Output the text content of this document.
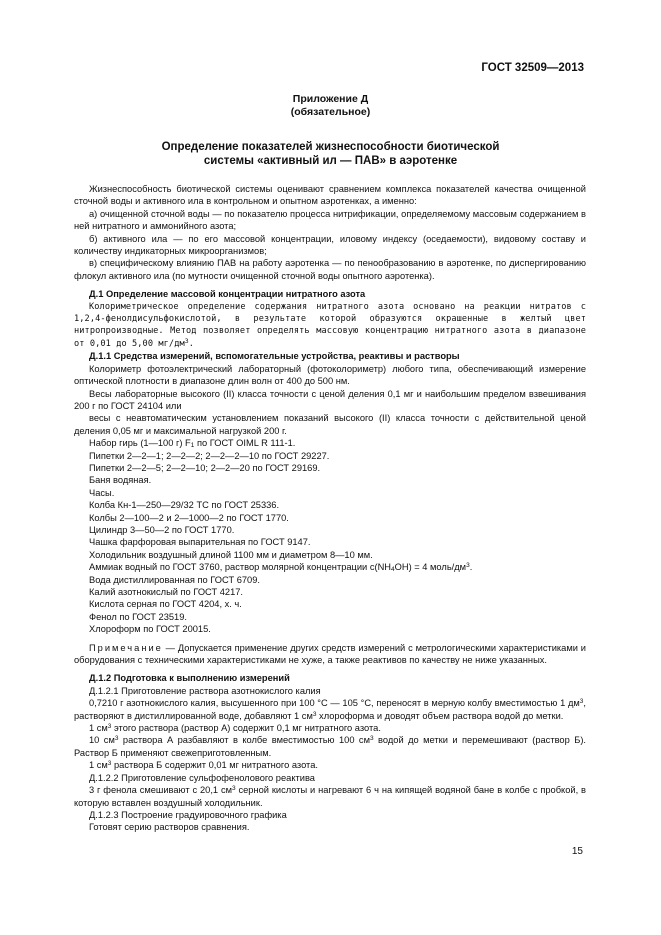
ГОСТ 32509—2013
Приложение Д
(обязательное)
Определение показателей жизнеспособности биотической
системы «активный ил — ПАВ» в аэротенке

Жизнеспособность биотической системы оценивают сравнением комплекса показателей качества очищенной сточной воды и активного ила в контрольном и опытном аэротенках, а именно:

а) очищенной сточной воды — по показателю процесса нитрификации, определяемому массовым содержанием в ней нитратного и аммонийного азота;

б) активного ила — по его массовой концентрации, иловому индексу (оседаемости), видовому составу и количеству индикаторных микроорганизмов;

в) специфическому влиянию ПАВ на работу аэротенка — по пенообразованию в аэротенке, по диспергированию флокул активного ила (по мутности очищенной сточной воды опытного аэротенка).

Д.1 Определение массовой концентрации нитратного азота

Колориметрическое определение содержания нитратного азота основано на реакции нитратов с 1,2,4-фенолдисульфокислотой, в результате которой образуются окрашенные в желтый цвет нитропроизводные. Метод позволяет определять массовую концентрацию нитратного азота в диапазоне от 0,01 до 5,00 $мг/дм^3$.

Д.1.1 Средства измерений, вспомогательные устройства, реактивы и растворы

Колориметр фотоэлектрический лабораторный (фотоколориметр) любого типа, обеспечивающий измерение оптической плотности в диапазоне длин волн от 400 до 500 нм.

Весы лабораторные высокого (II) класса точности с ценой деления 0,1 мг и наибольшим пределом взвешивания 200 г по ГОСТ 24104 или

весы с неавтоматическим установлением показаний высокого (II) класса точности с действительной ценой деления 0,05 мг и максимальной нагрузкой 200 г.

Набор гирь (1—100 г) $F_1$ по ГОСТ OIML R 111-1.

Пипетки 2—2—1; 2—2—2; 2—2—2—10 по ГОСТ 29227.

Пипетки 2—2—5; 2—2—10; 2—2—20 по ГОСТ 29169.

Баня водяная.

Часы.

Колба Кн-1—250—29/32 ТС по ГОСТ 25336.

Колбы 2—100—2 и 2—1000—2 по ГОСТ 1770.

Цилиндр 3—50—2 по ГОСТ 1770.

Чашка фарфоровая выпарительная по ГОСТ 9147.

Холодильник воздушный длиной 1100 мм и диаметром 8—10 мм.

Аммиак водный по ГОСТ 3760, раствор молярной концентрации $с(NH_4OH) = 4$ моль/$дм^3$.

Вода дистиллированная по ГОСТ 6709.

Калий азотнокислый по ГОСТ 4217.

Кислота серная по ГОСТ 4204, х. ч.

Фенол по ГОСТ 23519.

Хлороформ по ГОСТ 20015.

Примечание — Допускается применение других средств измерений с метрологическими характеристиками и оборудования с техническими характеристиками не хуже, а также реактивов по качеству не ниже указанных.

Д.1.2 Подготовка к выполнению измерений

Д.1.2.1 Приготовление раствора азотнокислого калия

0,7210 г азотнокислого калия, высушенного при 100 °С — 105 °С, переносят в мерную колбу вместимостью 1 $дм^3$, растворяют в дистиллированной воде, добавляют 1 $см^3$ хлороформа и доводят объем раствора водой до метки.

1 $см^3$ этого раствора (раствор А) содержит 0,1 мг нитратного азота.

10 $см^3$ раствора А разбавляют в колбе вместимостью 100 $см^3$ водой до метки и перемешивают (раствор Б). Раствор Б применяют свежеприготовленным.

1 $см^3$ раствора Б содержит 0,01 мг нитратного азота.

Д.1.2.2 Приготовление сульфофенолового реактива

3 г фенола смешивают с 20,1 $см^3$ серной кислоты и нагревают 6 ч на кипящей водяной бане в колбе с пробкой, в которую вставлен воздушный холодильник.

Д.1.2.3 Построение градуировочного графика

Готовят серию растворов сравнения.

15
